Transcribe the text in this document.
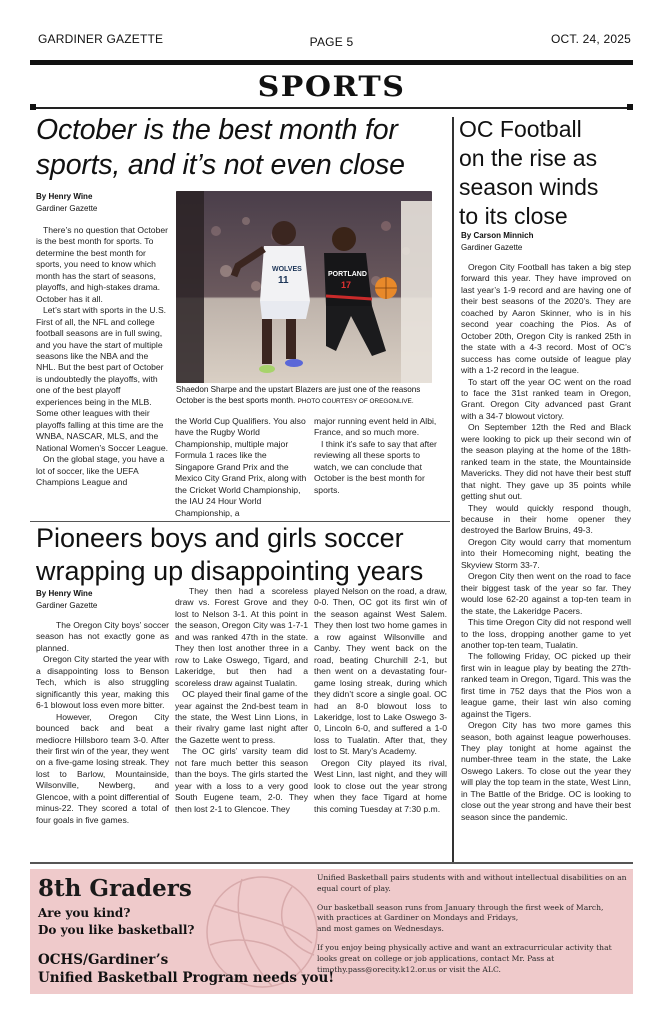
GARDINER GAZETTE	PAGE 5	OCT. 24, 2025
SPORTS
October is the best month for
sports, and it’s not even close
By Henry Wine
Gardiner Gazette

There’s no question that October is the best month for sports. To determine the best month for sports, you need to know which month has the start of seasons, playoffs, and high-stakes drama. October has it all.

Let’s start with sports in the U.S. First of all, the NFL and college football seasons are in full swing, and you have the start of multiple seasons like the NBA and the NHL. But the best part of October is undoubtedly the playoffs, with one of the best playoff experiences being in the MLB. Some other leagues with their playoffs falling at this time are the WNBA, NASCAR, MLS, and the National Women’s Soccer League.

On the global stage, you have a lot of soccer, like the UEFA Champions League and

WOLVES
11
PORTLAND
17
Shaedon Sharpe and the upstart Blazers are just one of the reasons October is the best sports month. PHOTO COURTESY OF OREGONLIVE.

the World Cup Qualifiers. You also have the Rugby World Championship, multiple major Formula 1 races like the Singapore Grand Prix and the Mexico City Grand Prix, along with the Cricket World Championship, the IAU 24 Hour World Championship, a

major running event held in Albi, France, and so much more.

I think it’s safe to say that after reviewing all these sports to watch, we can conclude that October is the best month for sports.

OC Football
on the rise as
season winds
to its close
By Carson Minnich
Gardiner Gazette

Oregon City Football has taken a big step forward this year. They have improved on last year’s 1-9 record and are having one of their best seasons of the 2020’s. They are coached by Aaron Skinner, who is in his second year coaching the Pios. As of October 20th, Oregon City is ranked 25th in the state with a 4-3 record. Most of OC’s success has come outside of league play with a 1-2 record in the league.

To start off the year OC went on the road to face the 31st ranked team in Oregon, Grant. Oregon City advanced past Grant with a 34-7 blowout victory.

On September 12th the Red and Black were looking to pick up their second win of the season playing at the home of the 18th-ranked team in the state, the Mountainside Mavericks. They did not have their best stuff that night. They gave up 35 points while getting shut out.

They would quickly respond though, because in their home opener they destroyed the Barlow Bruins, 49-3.

Oregon City would carry that momentum into their Homecoming night, beating the Skyview Storm 33-7.

Oregon City then went on the road to face their biggest task of the year so far. They would lose 62-20 against a top-ten team in the state, the Lakeridge Pacers.

This time Oregon City did not respond well to the loss, dropping another game to yet another top-ten team, Tualatin.

The following Friday, OC picked up their first win in league play by beating the 27th-ranked team in Oregon, Tigard. This was the first time in 752 days that the Pios won a league game, their last win also coming against the Tigers.

Oregon City has two more games this season, both against league powerhouses. They play tonight at home against the number-three team in the state, the Lake Oswego Lakers. To close out the year they will play the top team in the state, West Linn, in The Battle of the Bridge. OC is looking to close out the year strong and have their best season since the pandemic.

Pioneers boys and girls soccer
wrapping up disappointing years
By Henry Wine
Gardiner Gazette

The Oregon City boys’ soccer season has not exactly gone as planned.

Oregon City started the year with a disappointing loss to Benson Tech, which is also struggling significantly this year, making this 6-1 blowout loss even more bitter.

However, Oregon City bounced back and beat a mediocre Hillsboro team 3-0. After their first win of the year, they went on a five-game losing streak. They lost to Barlow, Mountainside, Wilsonville, Newberg, and Glencoe, with a point differential of minus-22. They scored a total of four goals in five games.

They then had a scoreless draw vs. Forest Grove and they lost to Nelson 3-1. At this point in the season, Oregon City was 1-7-1 and was ranked 47th in the state. They then lost another three in a row to Lake Oswego, Tigard, and Lakeridge, but then had a scoreless draw against Tualatin.

OC played their final game of the year against the 2nd-best team in the state, the West Linn Lions, in their rivalry game last night after the Gazette went to press.

The OC girls’ varsity team did not fare much better this season than the boys. The girls started the year with a loss to a very good South Eugene team, 2-0. They then lost 2-1 to Glencoe. They

played Nelson on the road, a draw, 0-0. Then, OC got its first win of the season against West Salem. They then lost two home games in a row against Wilsonville and Canby. They went back on the road, beating Churchill 2-1, but then went on a devastating four-game losing streak, during which they didn’t score a single goal. OC had an 8-0 blowout loss to Lakeridge, lost to Lake Oswego 3-0, Lincoln 6-0, and suffered a 1-0 loss to Tualatin. After that, they lost to St. Mary’s Academy.

Oregon City played its rival, West Linn, last night, and they will look to close out the year strong when they face Tigard at home this coming Tuesday at 7:30 p.m.

8th Graders
Are you kind?
Do you like basketball?
OCHS/Gardiner’s
Unified Basketball Program needs you!
Unified Basketball pairs students with and without intellectual disabilities on an equal court of play.
Our basketball season runs from January through the first week of March,
with practices at Gardiner on Mondays and Fridays,
and most games on Wednesdays.
If you enjoy being physically active and want an extracurricular activity that looks great on college or job applications, contact Mr. Pass at timothy.pass@orecity.k12.or.us or visit the ALC.
